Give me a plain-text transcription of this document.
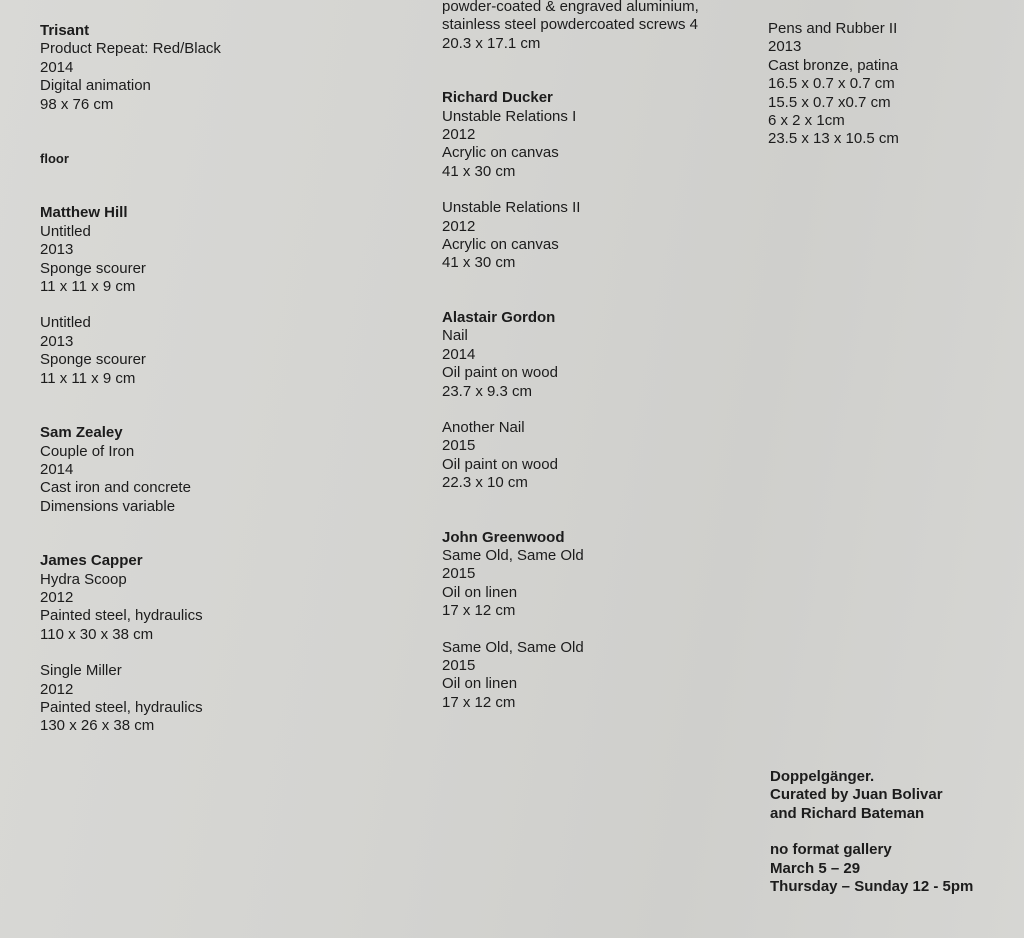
Trisant
Product Repeat: Red/Black
2014
Digital animation
98 x 76 cm
floor
Matthew Hill
Untitled
2013
Sponge scourer
11 x 11 x 9 cm
Untitled
2013
Sponge scourer
11 x 11 x 9 cm
Sam Zealey
Couple of Iron
2014
Cast iron and concrete
Dimensions variable
James Capper
Hydra Scoop
2012
Painted steel, hydraulics
110 x 30 x 38 cm
Single Miller
2012
Painted steel, hydraulics
130 x 26 x 38 cm
powder-coated & engraved aluminium,
stainless steel powdercoated screws 4
20.3 x 17.1 cm
Richard Ducker
Unstable Relations I
2012
Acrylic on canvas
41 x 30 cm
Unstable Relations II
2012
Acrylic on canvas
41 x 30 cm
Alastair Gordon
Nail
2014
Oil paint on wood
23.7 x 9.3 cm
Another Nail
2015
Oil paint on wood
22.3 x 10 cm
John Greenwood
Same Old, Same Old
2015
Oil on linen
17 x 12 cm
Same Old, Same Old
2015
Oil on linen
17 x 12 cm
Pens and Rubber II
2013
Cast bronze, patina
16.5 x 0.7 x 0.7 cm
15.5 x 0.7 x0.7 cm
6 x 2 x 1cm
23.5 x 13 x 10.5 cm
Doppelgänger.
Curated by Juan Bolivar
and Richard Bateman
no format gallery
March 5 – 29
Thursday – Sunday 12 - 5pm
